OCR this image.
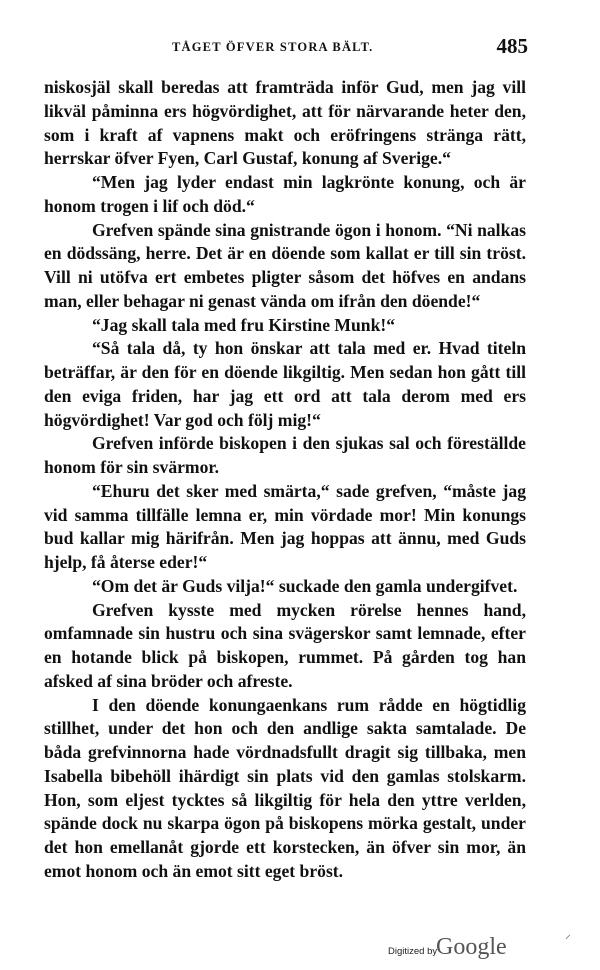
TÅGET ÖFVER STORA BÄLT.	485

niskosjäl skall beredas att framträda inför Gud, men jag vill likväl påminna ers högvördighet, att för närvarande heter den, som i kraft af vapnens makt och eröfringens stränga rätt, herrskar öfver Fyen, Carl Gustaf, konung af Sverige.“

“Men jag lyder endast min lagkrönte konung, och är honom trogen i lif och död.“

Grefven spände sina gnistrande ögon i honom. “Ni nalkas en dödssäng, herre. Det är en döende som kallat er till sin tröst. Vill ni utöfva ert embetes pligter såsom det höfves en andans man, eller behagar ni genast vända om ifrån den döende!“

“Jag skall tala med fru Kirstine Munk!“

“Så tala då, ty hon önskar att tala med er. Hvad titeln beträffar, är den för en döende likgiltig. Men sedan hon gått till den eviga friden, har jag ett ord att tala derom med ers högvördighet! Var god och följ mig!“

Grefven införde biskopen i den sjukas sal och föreställde honom för sin svärmor.

“Ehuru det sker med smärta,“ sade grefven, “måste jag vid samma tillfälle lemna er, min vördade mor! Min konungs bud kallar mig härifrån. Men jag hoppas att ännu, med Guds hjelp, få återse eder!“

“Om det är Guds vilja!“ suckade den gamla undergifvet.

Grefven kysste med mycken rörelse hennes hand, omfamnade sin hustru och sina svägerskor samt lemnade, efter en hotande blick på biskopen, rummet. På gården tog han afsked af sina bröder och afreste.

I den döende konungaenkans rum rådde en högtidlig stillhet, under det hon och den andlige sakta samtalade. De båda grefvinnorna hade vördnadsfullt dragit sig tillbaka, men Isabella bibehöll ihärdigt sin plats vid den gamlas stolskarm. Hon, som eljest tycktes så likgiltig för hela den yttre verlden, spände dock nu skarpa ögon på biskopens mörka gestalt, under det hon emellanåt gjorde ett korstecken, än öfver sin mor, än emot honom och än emot sitt eget bröst.

Digitized by
Google	⸝
